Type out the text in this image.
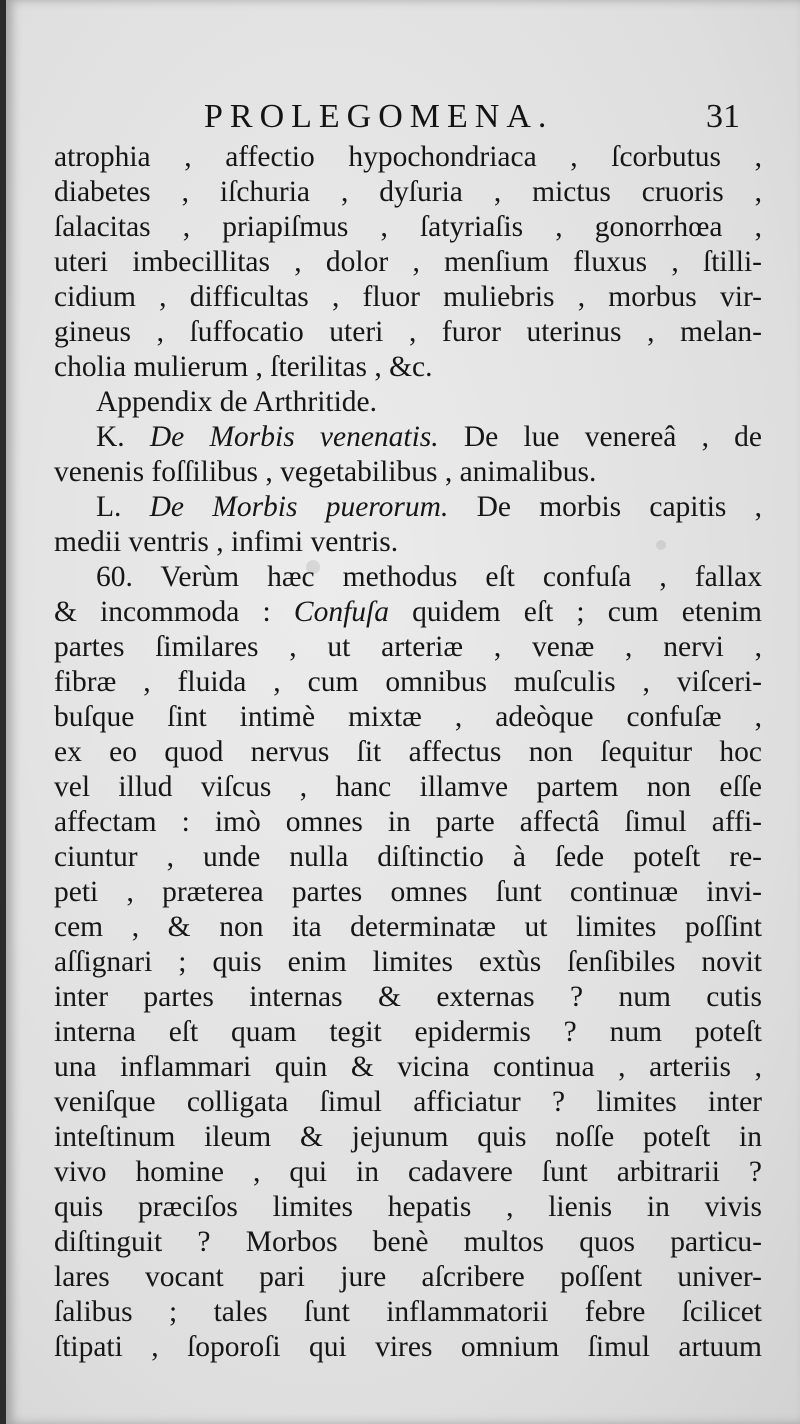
PROLEGOMENA.	31
atrophia , affectio hypochondriaca , ſcorbutus ,
diabetes , iſchuria , dyſuria , mictus cruoris ,
ſalacitas , priapiſmus , ſatyriaſis , gonorrhœa ,
uteri imbecillitas , dolor , menſium fluxus , ſtilli-
cidium , difficultas , fluor muliebris , morbus vir-
gineus , ſuffocatio uteri , furor uterinus , melan-
cholia mulierum , ſterilitas , &c.
Appendix de Arthritide.
K. De Morbis venenatis. De lue venereâ , de
venenis foſſilibus , vegetabilibus , animalibus.
L. De Morbis puerorum. De morbis capitis ,
medii ventris , infimi ventris.
60. Verùm hæc methodus eſt confuſa , fallax
& incommoda : Confuſa quidem eſt ; cum etenim
partes ſimilares , ut arteriæ , venæ , nervi ,
fibræ , fluida , cum omnibus muſculis , viſceri-
buſque ſint intimè mixtæ , adeòque confuſæ ,
ex eo quod nervus ſit affectus non ſequitur hoc
vel illud viſcus , hanc illamve partem non eſſe
affectam : imò omnes in parte affectâ ſimul affi-
ciuntur , unde nulla diſtinctio à ſede poteſt re-
peti , præterea partes omnes ſunt continuæ invi-
cem , & non ita determinatæ ut limites poſſint
aſſignari ; quis enim limites extùs ſenſibiles novit
inter partes internas & externas ? num cutis
interna eſt quam tegit epidermis ? num poteſt
una inflammari quin & vicina continua , arteriis ,
veniſque colligata ſimul afficiatur ? limites inter
inteſtinum ileum & jejunum quis noſſe poteſt in
vivo homine , qui in cadavere ſunt arbitrarii ?
quis præciſos limites hepatis , lienis in vivis
diſtinguit ? Morbos benè multos quos particu-
lares vocant pari jure aſcribere poſſent univer-
ſalibus ; tales ſunt inflammatorii febre ſcilicet
ſtipati , ſoporoſi qui vires omnium ſimul artuum
